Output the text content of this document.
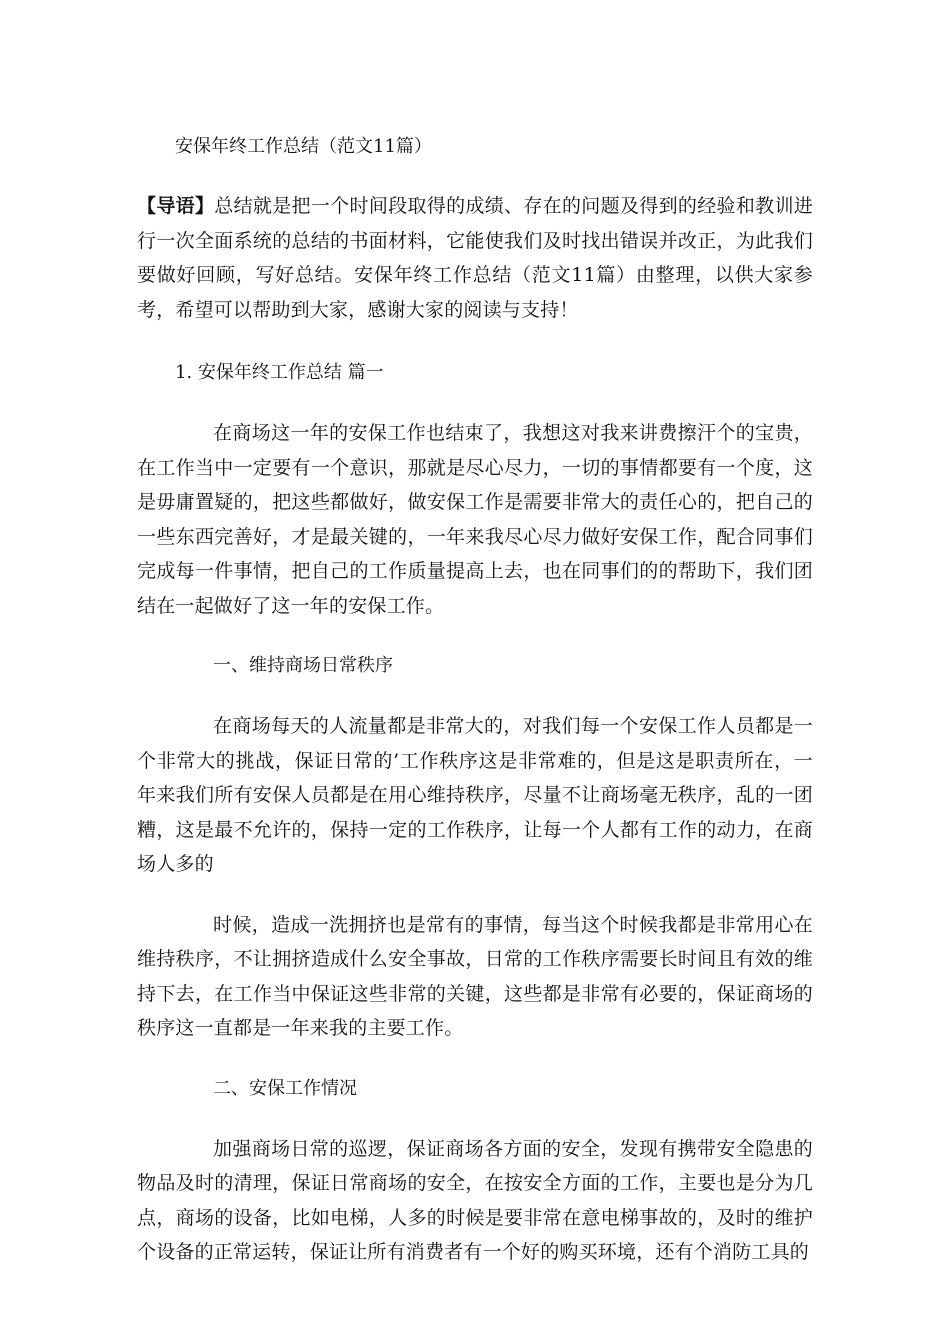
安保年终工作总结（范文11篇）

【导语】总结就是把一个时间段取得的成绩、存在的问题及得到的经验和教训进行一次全面系统的总结的书面材料，它能使我们及时找出错误并改正，为此我们要做好回顾，写好总结。安保年终工作总结（范文11篇）由整理，以供大家参考，希望可以帮助到大家，感谢大家的阅读与支持！

1. 安保年终工作总结 篇一

在商场这一年的安保工作也结束了，我想这对我来讲费擦汗个的宝贵，在工作当中一定要有一个意识，那就是尽心尽力，一切的事情都要有一个度，这是毋庸置疑的，把这些都做好，做安保工作是需要非常大的责任心的，把自己的一些东西完善好，才是最关键的，一年来我尽心尽力做好安保工作，配合同事们完成每一件事情，把自己的工作质量提高上去，也在同事们的的帮助下，我们团结在一起做好了这一年的安保工作。

一、维持商场日常秩序

在商场每天的人流量都是非常大的，对我们每一个安保工作人员都是一个非常大的挑战，保证日常的’工作秩序这是非常难的，但是这是职责所在，一年来我们所有安保人员都是在用心维持秩序，尽量不让商场毫无秩序，乱的一团糟，这是最不允许的，保持一定的工作秩序，让每一个人都有工作的动力，在商场人多的

时候，造成一洗拥挤也是常有的事情，每当这个时候我都是非常用心在维持秩序，不让拥挤造成什么安全事故，日常的工作秩序需要长时间且有效的维持下去，在工作当中保证这些非常的关键，这些都是非常有必要的，保证商场的秩序这一直都是一年来我的主要工作。

二、安保工作情况

加强商场日常的巡逻，保证商场各方面的安全，发现有携带安全隐患的物品及时的清理，保证日常商场的安全，在按安全方面的工作，主要也是分为几点，商场的设备，比如电梯，人多的时候是要非常在意电梯事故的，及时的维护个设备的正常运转，保证让所有消费者有一个好的购买环境，还有个消防工具的
